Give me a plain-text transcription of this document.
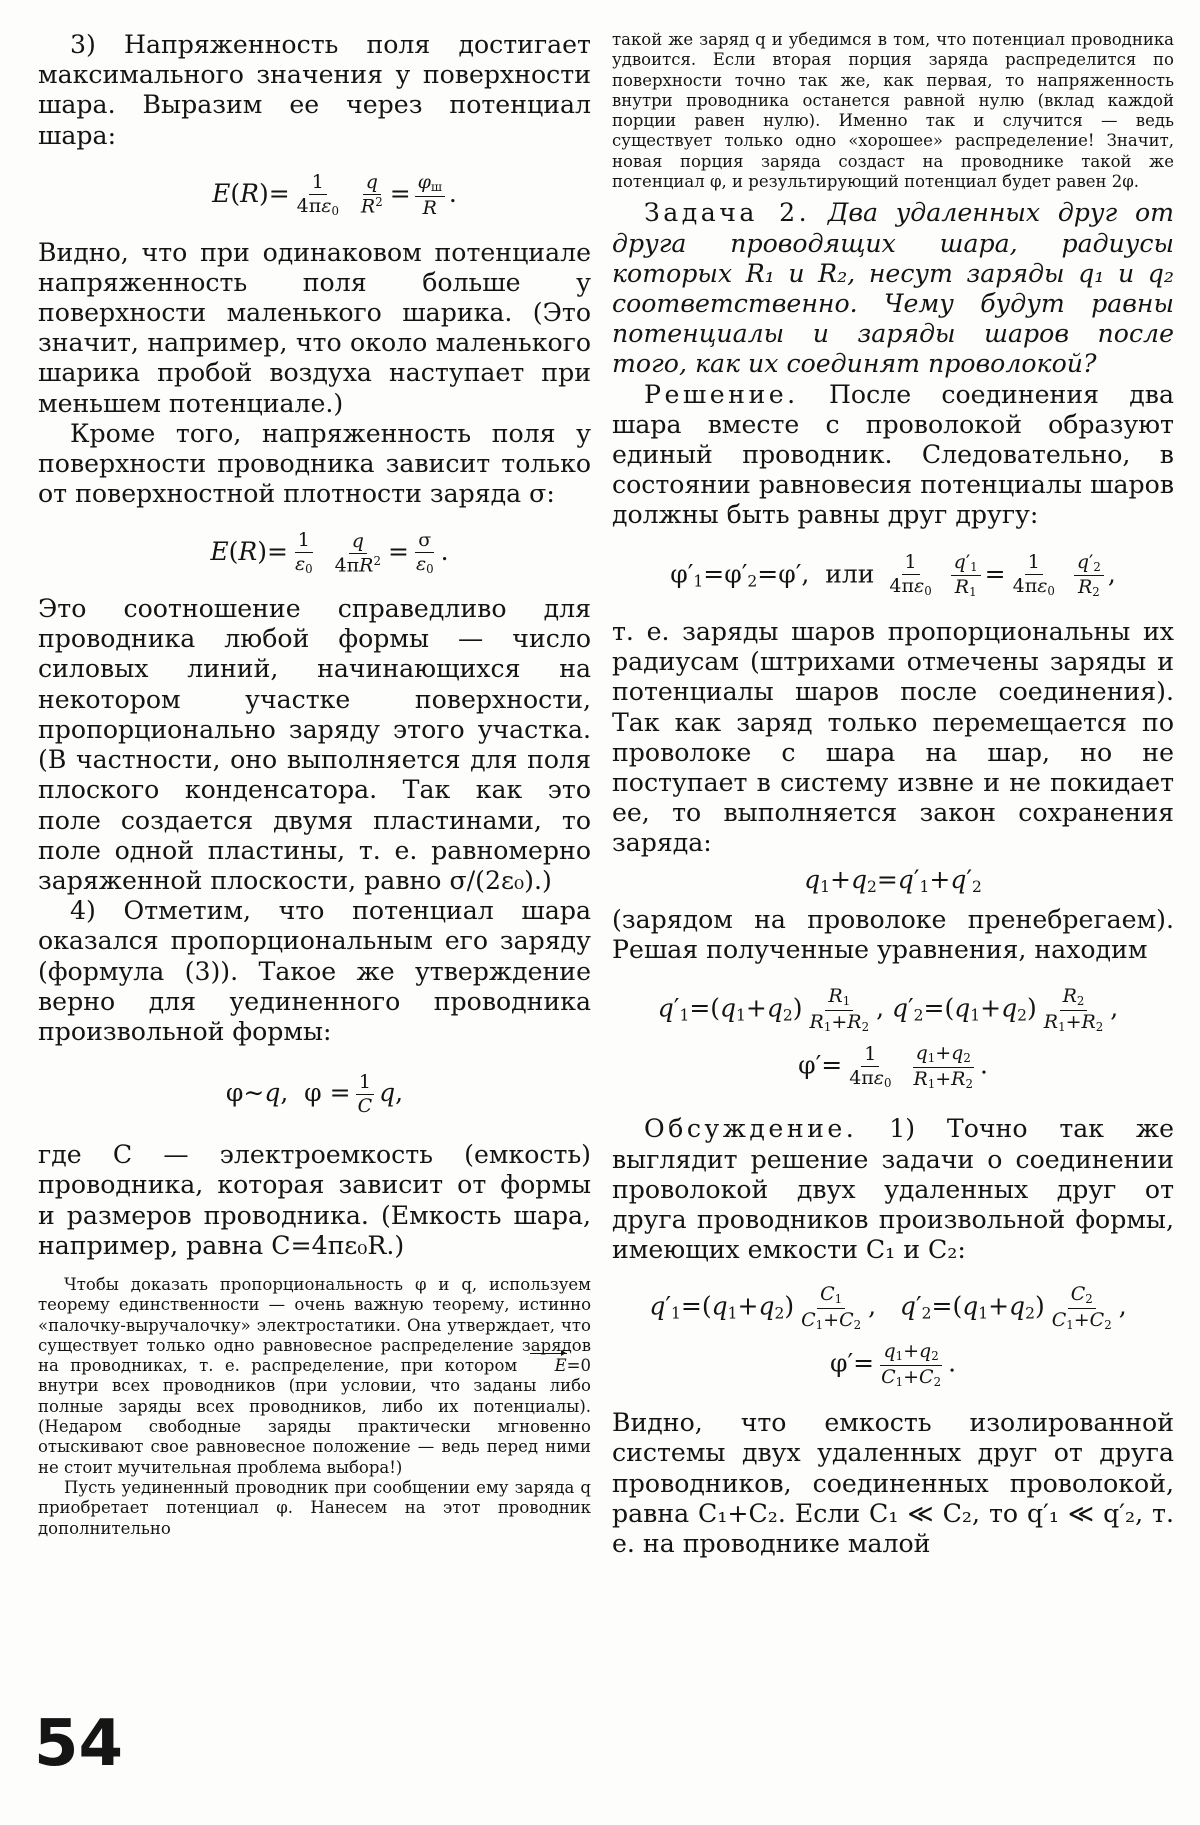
3) Напряженность поля достигает максимального значения у поверхности шара. Выразим ее через потенциал шара:

$E(R)= \frac{1}{4\pi\varepsilon_0}$
$\frac{q}{R^2} = \varphi_ш$
R .

Видно, что при одинаковом потенциале напряженность поля больше у поверхности маленького шарика. (Это значит, например, что около маленького шарика пробой воздуха наступает при меньшем потенциале.)

Кроме того, напряженность поля у поверхности проводника зависит только от поверхностной плотности заряда σ:

$E(R)= \frac{1}{\varepsilon_0}$
$\frac{q}{4\pi R^2} = \frac{\sigma}{\varepsilon_0}$ .

Это соотношение справедливо для проводника любой формы — число силовых линий, начинающихся на некотором участке поверхности, пропорционально заряду этого участка. (В частности, оно выполняется для поля плоского конденсатора. Так как это поле создается двумя пластинами, то поле одной пластины, т. е. равномерно заряженной плоскости, равно σ/(2ε₀).)

4) Отметим, что потенциал шара оказался пропорциональным его заряду (формула (3)). Такое же утверждение верно для уединенного проводника произвольной формы:

φ∼q,  $\varphi = \frac{1}{C} q$,

где C — электроемкость (емкость) проводника, которая зависит от формы и размеров проводника. (Емкость шара, например, равна C=4πε₀R.)

Чтобы доказать пропорциональность φ и q, используем теорему единственности — очень важную теорему, истинно «палочку-выручалочку» электростатики. Она утверждает, что существует только одно равновесное распределение зарядов на проводниках, т. е. распределение, при котором E=0 внутри всех проводников (при условии, что заданы либо полные заряды всех проводников, либо их потенциалы). (Недаром свободные заряды практически мгновенно отыскивают свое равновесное положение — ведь перед ними не стоит мучительная проблема выбора!)

Пусть уединенный проводник при сообщении ему заряда q приобретает потенциал φ. Нанесем на этот проводник дополнительно

такой же заряд q и убедимся в том, что потенциал проводника удвоится. Если вторая порция заряда распределится по поверхности точно так же, как первая, то напряженность внутри проводника останется равной нулю (вклад каждой порции равен нулю). Именно так и случится — ведь существует только одно «хорошее» распределение! Значит, новая порция заряда создаст на проводнике такой же потенциал φ, и результирующий потенциал будет равен 2φ.

Задача 2. Два удаленных друг от друга проводящих шара, радиусы которых R₁ и R₂, несут заряды q₁ и q₂ соответственно. Чему будут равны потенциалы и заряды шаров после того, как их соединят проволокой?

Решение. После соединения два шара вместе с проволокой образуют единый проводник. Следовательно, в состоянии равновесия потенциалы шаров должны быть равны друг другу:

$\varphi'_1=\varphi'_2=\varphi'$,  или $\frac{1}{4\pi\varepsilon_0}$
$\frac{q'_1}{R_1} = \frac{1}{4\pi\varepsilon_0}$
$\frac{q'_2}{R_2}$ ,

т. е. заряды шаров пропорциональны их радиусам (штрихами отмечены заряды и потенциалы шаров после соединения). Так как заряд только перемещается по проволоке с шара на шар, но не поступает в систему извне и не покидает ее, то выполняется закон сохранения заряда:

$q_1+q_2=q'_1+q'_2$

(зарядом на проволоке пренебрегаем). Решая полученные уравнения, находим

$q'_1=(q_1+q_2) \frac{R_1}{R_1+R_2}$ , $q'_2=(q_1+q_2) \frac{R_2}{R_1+R_2}$ ,
$\varphi'= \frac{1}{4\pi\varepsilon_0}$
$\frac{q_1+q_2}{R_1+R_2}$ .

Обсуждение. 1) Точно так же выглядит решение задачи о соединении проволокой двух удаленных друг от друга проводников произвольной формы, имеющих емкости C₁ и C₂:

$q'_1=(q_1+q_2) \frac{C_1}{C_1+C_2}$ ,   $q'_2=(q_1+q_2) \frac{C_2}{C_1+C_2}$ ,
$\varphi'= \frac{q_1+q_2}{C_1+C_2}$ .

Видно, что емкость изолированной системы двух удаленных друг от друга проводников, соединенных проволокой, равна C₁+C₂. Если C₁ ≪ C₂, то q′₁ ≪ q′₂, т. е. на проводнике малой

54
